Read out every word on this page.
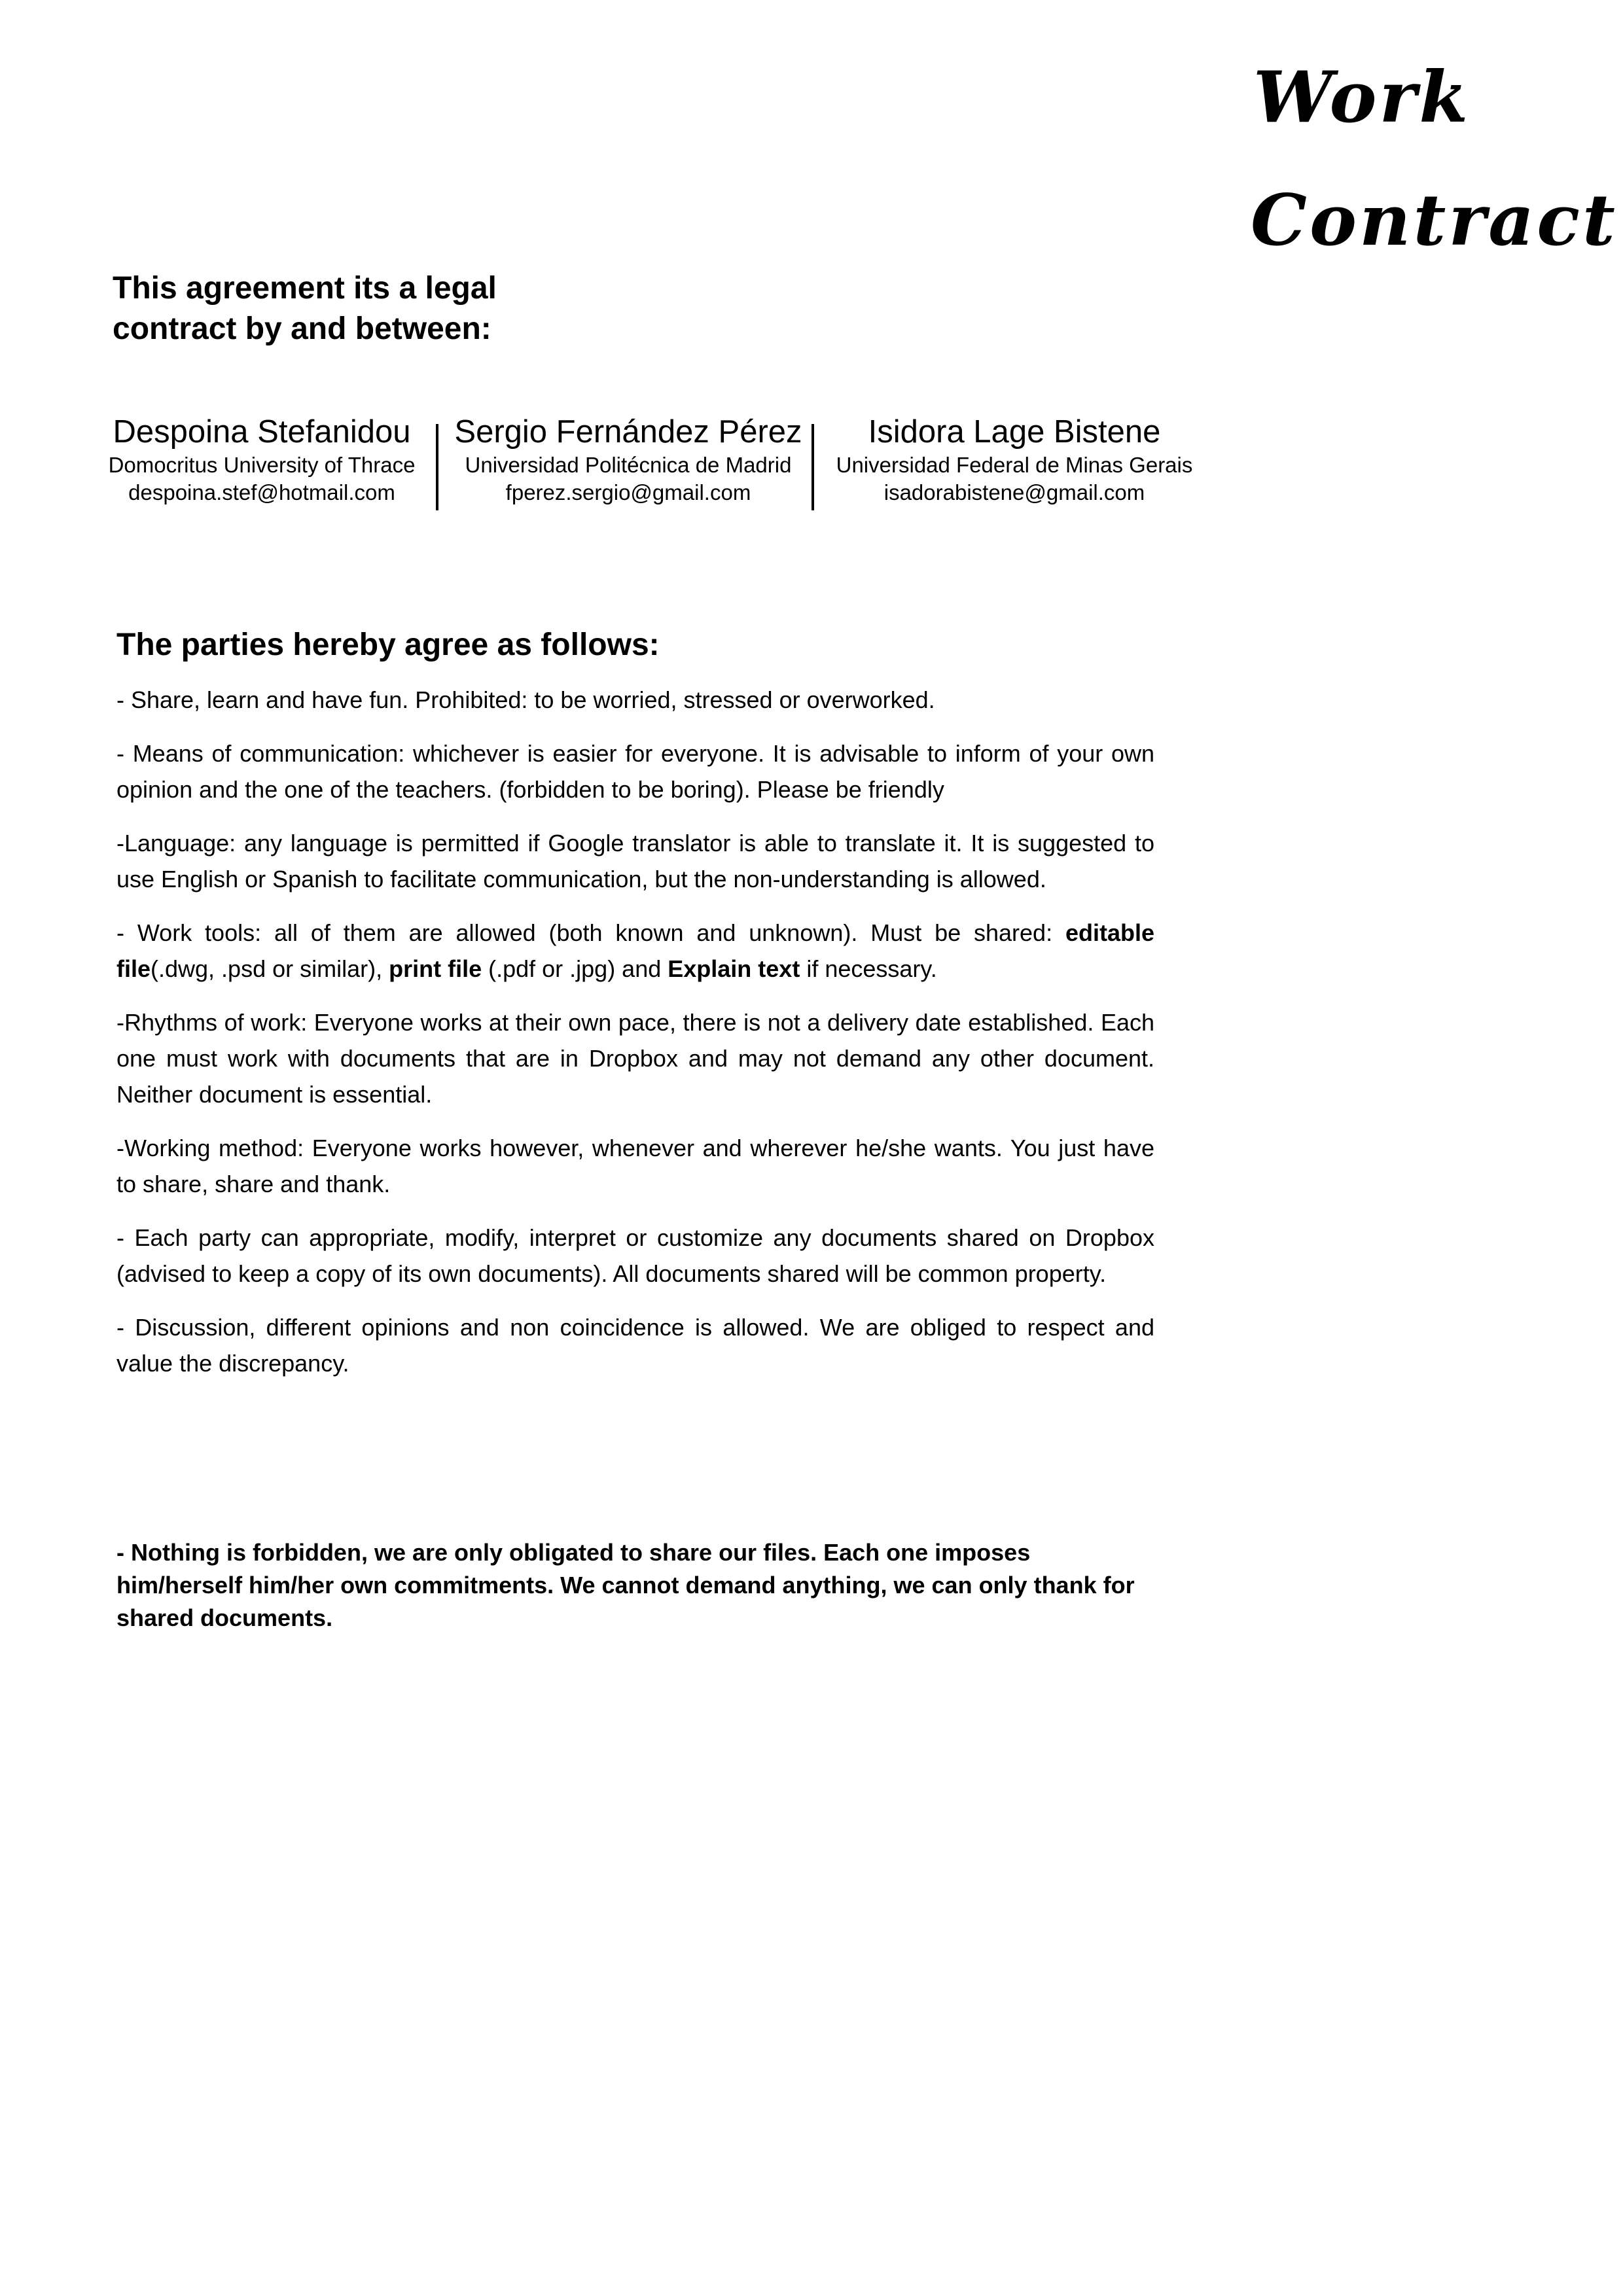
Work
Contract
This agreement its a legal
contract by and between:
Despoina Stefanidou
Domocritus University of Thrace
despoina.stef@hotmail.com
Sergio Fernández Pérez
Universidad Politécnica de Madrid
fperez.sergio@gmail.com
Isidora Lage Bistene
Universidad Federal de Minas Gerais
isadorabistene@gmail.com
The parties hereby agree as follows:

- Share, learn and have fun. Prohibited: to be worried, stressed or overworked.

- Means of communication: whichever is easier for everyone. It is advisable to inform of your own opinion and the one of the teachers. (forbidden to be boring). Please be friendly

-Language: any language is permitted if Google translator is able to translate it. It is suggested to use English or Spanish to facilitate communication, but the non-understanding is allowed.

- Work tools: all of them are allowed (both known and unknown). Must be shared: editable file(.dwg, .psd or similar), print file (.pdf or .jpg) and Explain text if necessary.

-Rhythms of work: Everyone works at their own pace, there is not a delivery date established. Each one must work with documents that are in Dropbox and may not demand any other document. Neither document is essential.

-Working method: Everyone works however, whenever and wherever he/she wants. You just have to share, share and thank.

- Each party can appropriate, modify, interpret or customize any documents shared on Dropbox (advised to keep a copy of its own documents). All documents shared will be common property.

- Discussion, different opinions and non coincidence is allowed. We are obliged to respect and value the discrepancy.

- Nothing is forbidden, we are only obligated to share our files. Each one imposes him/herself him/her own commitments. We cannot demand anything, we can only thank for shared documents.
